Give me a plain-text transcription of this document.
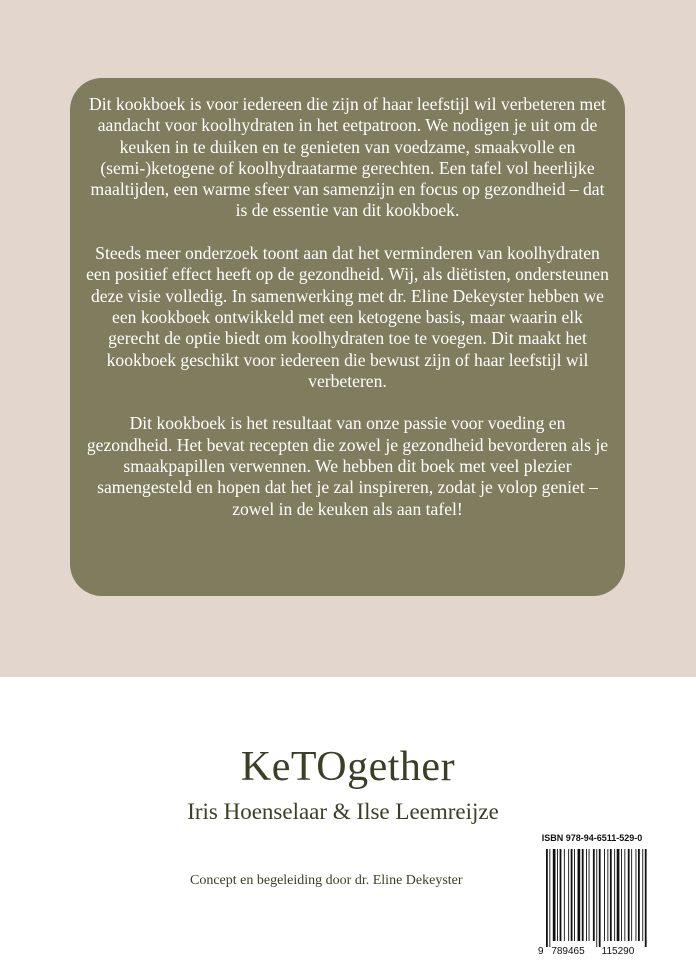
Dit kookboek is voor iedereen die zijn of haar leefstijl wil verbeteren met aandacht voor koolhydraten in het eetpatroon. We nodigen je uit om de keuken in te duiken en te genieten van voedzame, smaakvolle en (semi-)ketogene of koolhydraatarme gerechten. Een tafel vol heerlijke maaltijden, een warme sfeer van samenzijn en focus op gezondheid – dat is de essentie van dit kookboek.

Steeds meer onderzoek toont aan dat het verminderen van koolhydraten een positief effect heeft op de gezondheid. Wij, als diëtisten, ondersteunen deze visie volledig. In samenwerking met dr. Eline Dekeyster hebben we een kookboek ontwikkeld met een ketogene basis, maar waarin elk gerecht de optie biedt om koolhydraten toe te voegen. Dit maakt het kookboek geschikt voor iedereen die bewust zijn of haar leefstijl wil verbeteren.

Dit kookboek is het resultaat van onze passie voor voeding en gezondheid. Het bevat recepten die zowel je gezondheid bevorderen als je smaakpapillen verwennen. We hebben dit boek met veel plezier samengesteld en hopen dat het je zal inspireren, zodat je volop geniet – zowel in de keuken als aan tafel!

KeTOgether
Iris Hoenselaar & Ilse Leemreijze
Concept en begeleiding door dr. Eline Dekeyster
ISBN 978-94-6511-529-0
9 789465 115290
